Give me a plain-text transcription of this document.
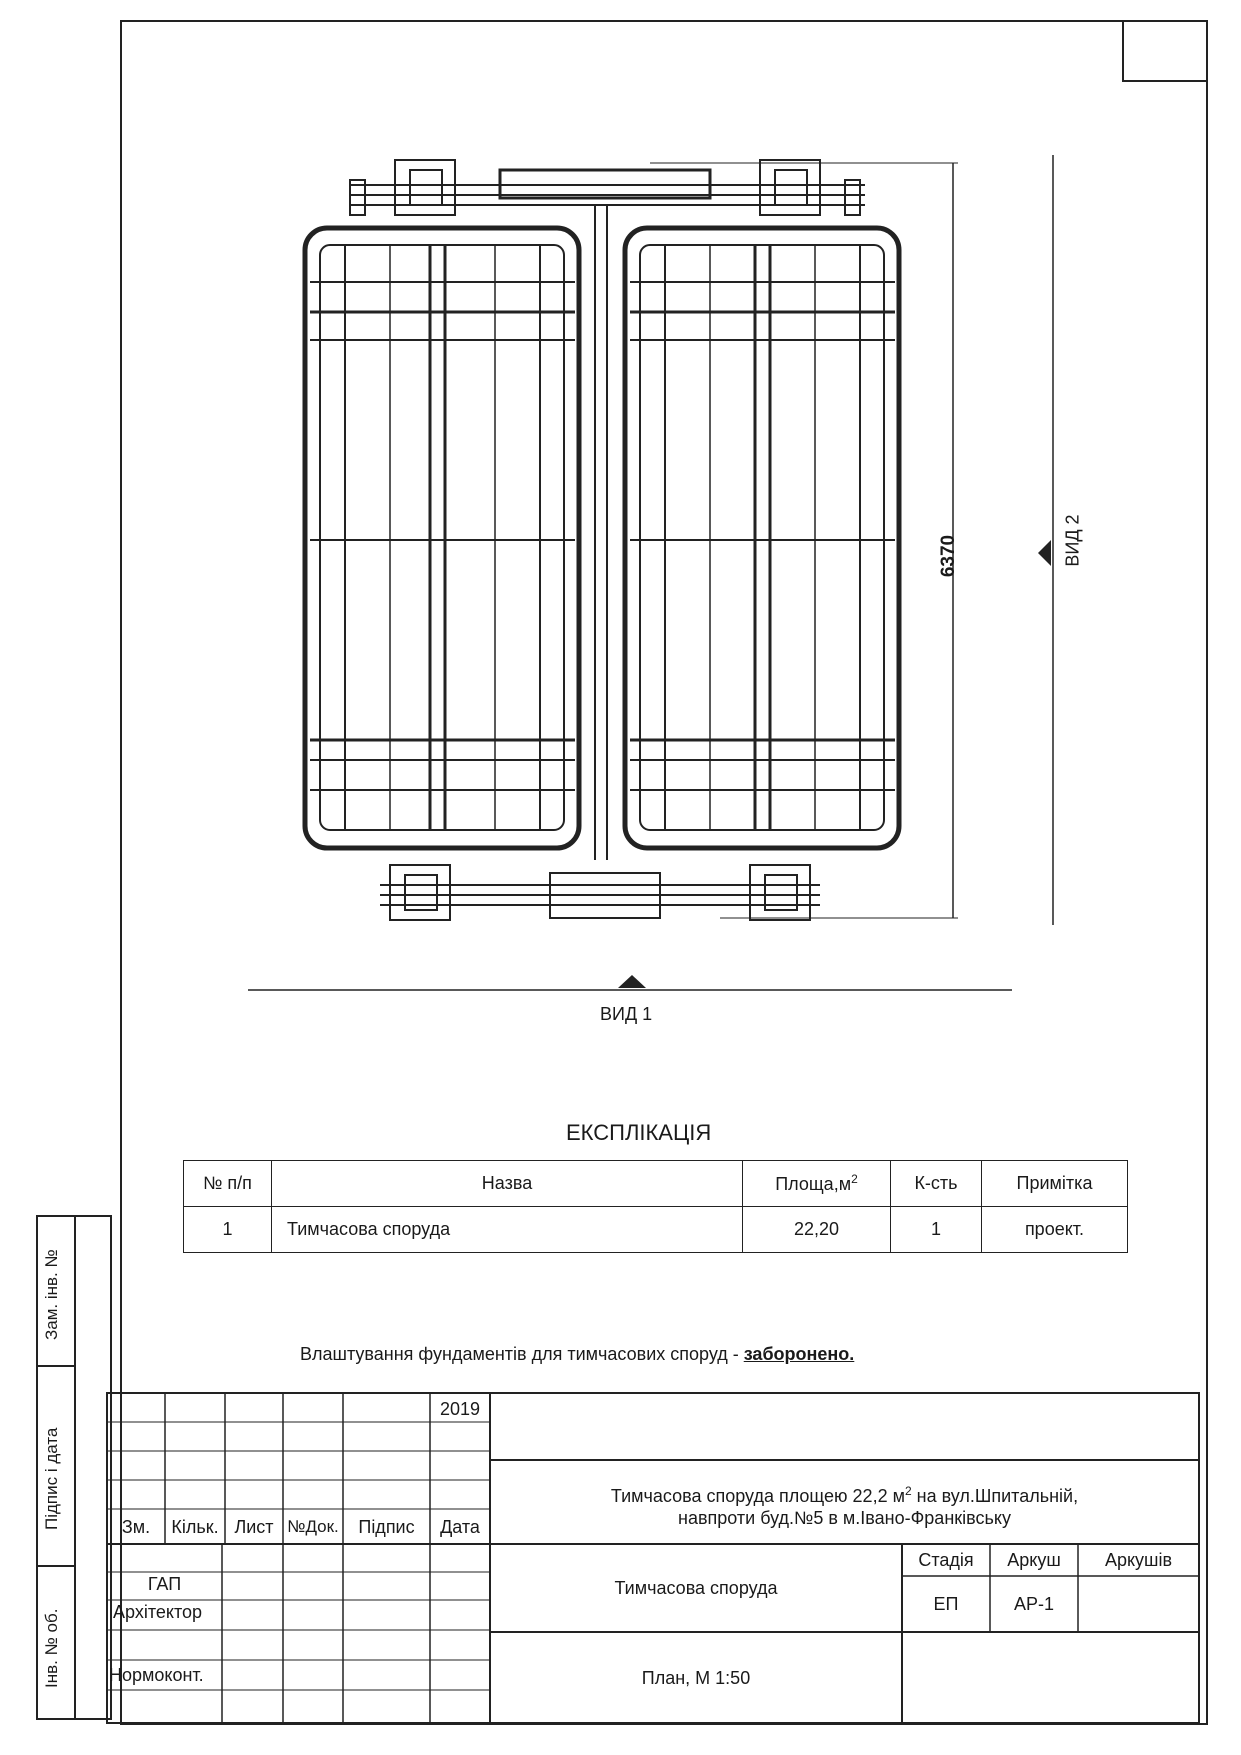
6370	ВИД 2
ВИД 1
ЕКСПЛІКАЦІЯ
№ п/п	Назва	$Площа,м^2$	К-сть	Примітка
1	Тимчасова споруда	22,20	1	проект.
Влаштування фундаментів для тимчасових споруд - заборонено.
Зам. інв. №
Підпис і дата
Інв. № об.
2019
Зм.	Кільк. Лист №Док.	Підпис	Дата
ГАП
Архітектор
Нормоконт.
Тимчасова споруда площею 22,2 $м^2$ на вул.Шпитальній,
навпроти буд.№5 в м.Івано-Франківську
Тимчасова споруда
План, М 1:50
Стадія	Аркуш	Аркушів
ЕП	АР-1
